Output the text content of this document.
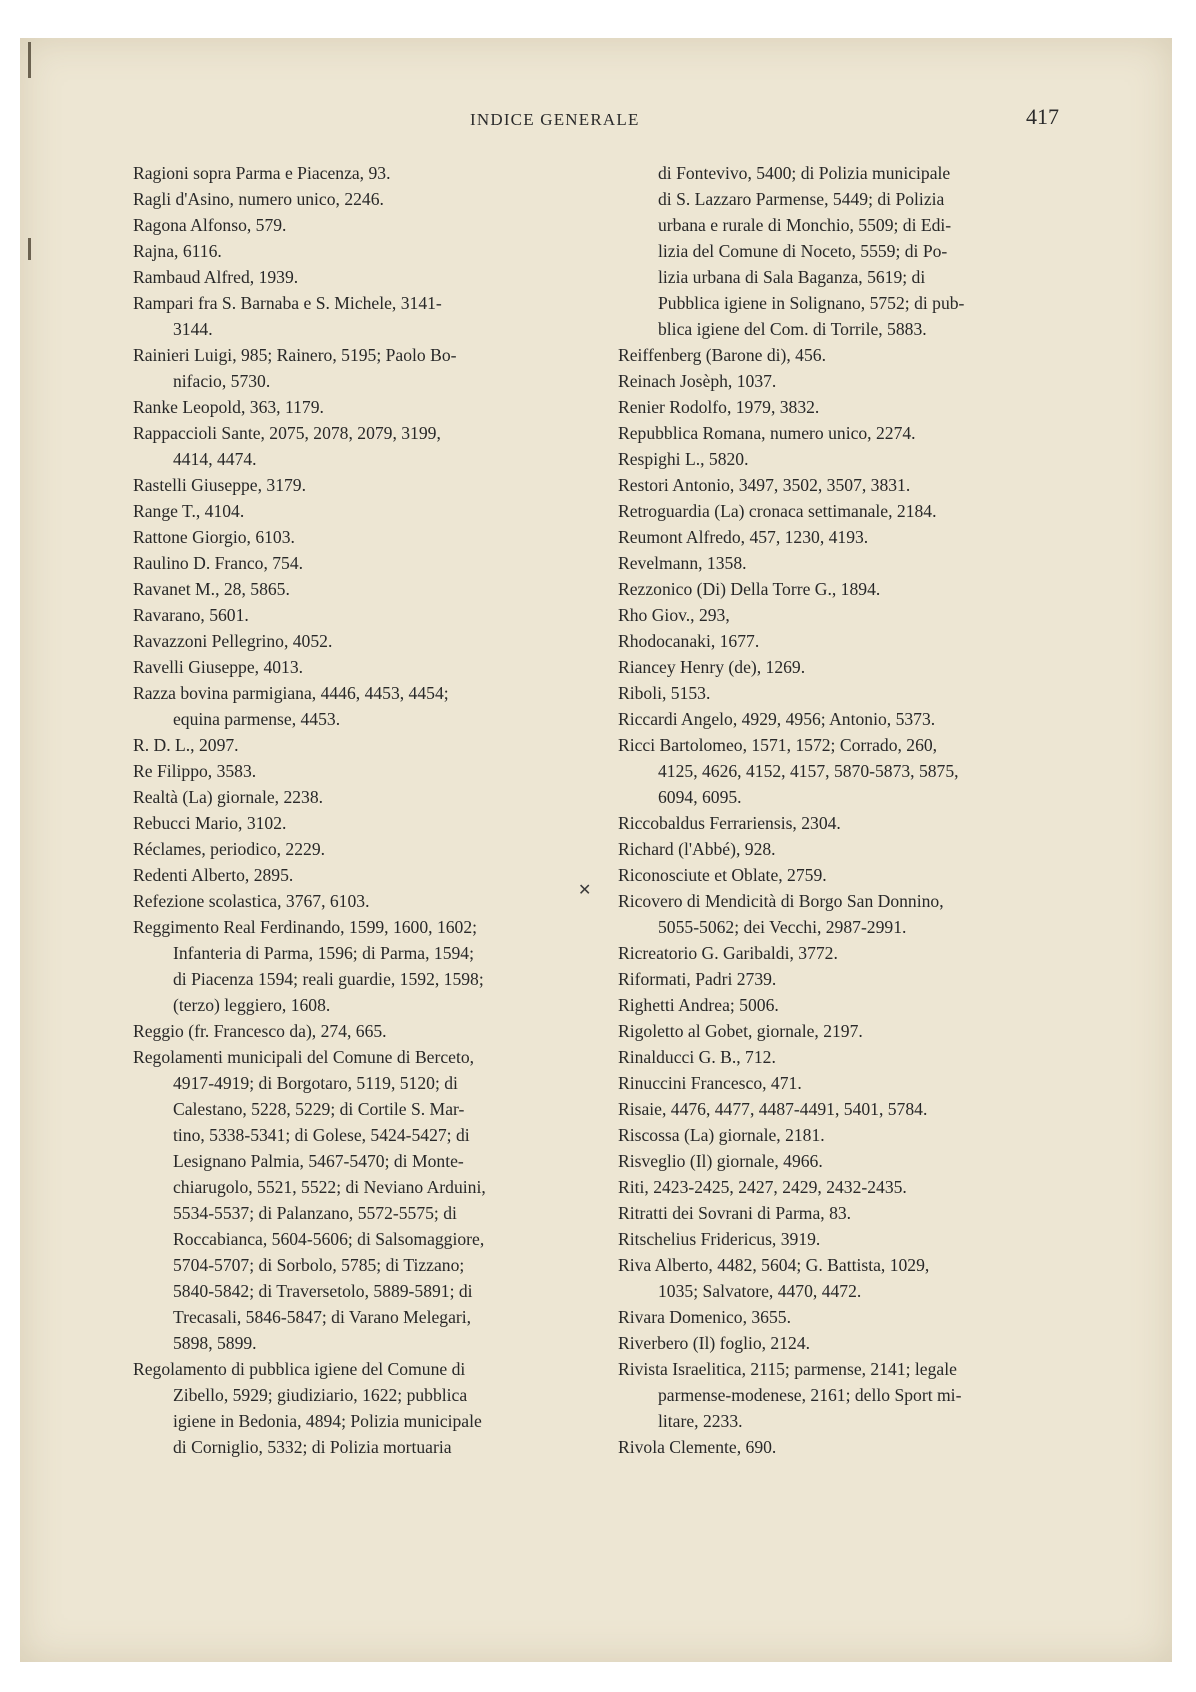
INDICE GENERALE	417
Ragioni sopra Parma e Piacenza, 93.
Ragli d'Asino, numero unico, 2246.
Ragona Alfonso, 579.
Rajna, 6116.
Rambaud Alfred, 1939.
Rampari fra S. Barnaba e S. Michele, 3141-
3144.
Rainieri Luigi, 985; Rainero, 5195; Paolo Bo-
nifacio, 5730.
Ranke Leopold, 363, 1179.
Rappaccioli Sante, 2075, 2078, 2079, 3199,
4414, 4474.
Rastelli Giuseppe, 3179.
Range T., 4104.
Rattone Giorgio, 6103.
Raulino D. Franco, 754.
Ravanet M., 28, 5865.
Ravarano, 5601.
Ravazzoni Pellegrino, 4052.
Ravelli Giuseppe, 4013.
Razza bovina parmigiana, 4446, 4453, 4454;
equina parmense, 4453.
R. D. L., 2097.
Re Filippo, 3583.
Realtà (La) giornale, 2238.
Rebucci Mario, 3102.
Réclames, periodico, 2229.
Redenti Alberto, 2895.
Refezione scolastica, 3767, 6103.
Reggimento Real Ferdinando, 1599, 1600, 1602;
Infanteria di Parma, 1596; di Parma, 1594;
di Piacenza 1594; reali guardie, 1592, 1598;
(terzo) leggiero, 1608.
Reggio (fr. Francesco da), 274, 665.
Regolamenti municipali del Comune di Berceto,
4917-4919; di Borgotaro, 5119, 5120; di
Calestano, 5228, 5229; di Cortile S. Mar-
tino, 5338-5341; di Golese, 5424-5427; di
Lesignano Palmia, 5467-5470; di Monte-
chiarugolo, 5521, 5522; di Neviano Arduini,
5534-5537; di Palanzano, 5572-5575; di
Roccabianca, 5604-5606; di Salsomaggiore,
5704-5707; di Sorbolo, 5785; di Tizzano;
5840-5842; di Traversetolo, 5889-5891; di
Trecasali, 5846-5847; di Varano Melegari,
5898, 5899.
Regolamento di pubblica igiene del Comune di
Zibello, 5929; giudiziario, 1622; pubblica
igiene in Bedonia, 4894; Polizia municipale
di Corniglio, 5332; di Polizia mortuaria
di Fontevivo, 5400; di Polizia municipale
di S. Lazzaro Parmense, 5449; di Polizia
urbana e rurale di Monchio, 5509; di Edi-
lizia del Comune di Noceto, 5559; di Po-
lizia urbana di Sala Baganza, 5619; di
Pubblica igiene in Solignano, 5752; di pub-
blica igiene del Com. di Torrile, 5883.
Reiffenberg (Barone di), 456.
Reinach Josèph, 1037.
Renier Rodolfo, 1979, 3832.
Repubblica Romana, numero unico, 2274.
Respighi L., 5820.
Restori Antonio, 3497, 3502, 3507, 3831.
Retroguardia (La) cronaca settimanale, 2184.
Reumont Alfredo, 457, 1230, 4193.
Revelmann, 1358.
Rezzonico (Di) Della Torre G., 1894.
Rho Giov., 293,
Rhodocanaki, 1677.
Riancey Henry (de), 1269.
Riboli, 5153.
Riccardi Angelo, 4929, 4956; Antonio, 5373.
Ricci Bartolomeo, 1571, 1572; Corrado, 260,
4125, 4626, 4152, 4157, 5870-5873, 5875,
6094, 6095.
Riccobaldus Ferrariensis, 2304.
Richard (l'Abbé), 928.
Riconosciute et Oblate, 2759.
Ricovero di Mendicità di Borgo San Donnino,
5055-5062; dei Vecchi, 2987-2991.
Ricreatorio G. Garibaldi, 3772.
Riformati, Padri 2739.
Righetti Andrea; 5006.
Rigoletto al Gobet, giornale, 2197.
Rinalducci G. B., 712.
Rinuccini Francesco, 471.
Risaie, 4476, 4477, 4487-4491, 5401, 5784.
Riscossa (La) giornale, 2181.
Risveglio (Il) giornale, 4966.
Riti, 2423-2425, 2427, 2429, 2432-2435.
Ritratti dei Sovrani di Parma, 83.
Ritschelius Fridericus, 3919.
Riva Alberto, 4482, 5604; G. Battista, 1029,
1035; Salvatore, 4470, 4472.
Rivara Domenico, 3655.
Riverbero (Il) foglio, 2124.
Rivista Israelitica, 2115; parmense, 2141; legale
parmense-modenese, 2161; dello Sport mi-
litare, 2233.
Rivola Clemente, 690.
✕
